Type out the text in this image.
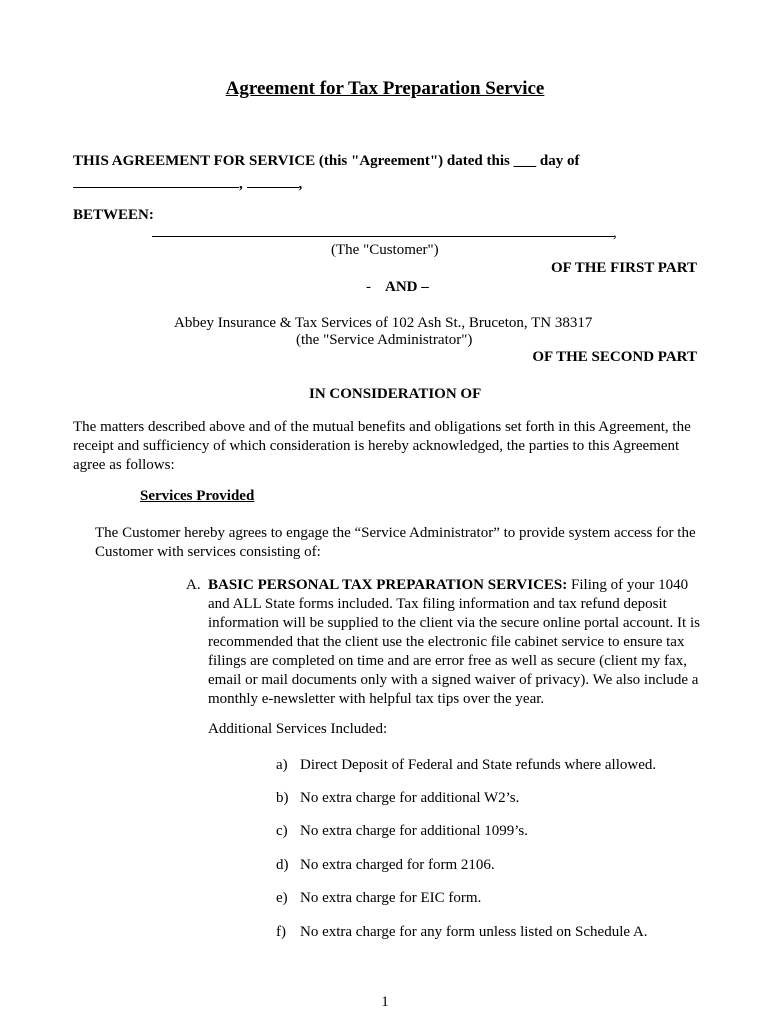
Agreement for Tax Preparation Service
THIS AGREEMENT FOR SERVICE (this "Agreement") dated this ___ day of
,	,
BETWEEN:
,
(The "Customer")
OF THE FIRST PART
- AND –
Abbey Insurance & Tax Services of 102 Ash St., Bruceton, TN 38317
(the "Service Administrator")
OF THE SECOND PART
IN CONSIDERATION OF
The matters described above and of the mutual benefits and obligations set forth in this Agreement, the receipt and sufficiency of which consideration is hereby acknowledged, the parties to this Agreement agree as follows:
Services Provided
The Customer hereby agrees to engage the “Service Administrator” to provide system access for the Customer with services consisting of:
A. BASIC PERSONAL TAX PREPARATION SERVICES: Filing of your 1040 and ALL State forms included. Tax filing information and tax refund deposit information will be supplied to the client via the secure online portal account. It is recommended that the client use the electronic file cabinet service to ensure tax filings are completed on time and are error free as well as secure (client my fax, email or mail documents only with a signed waiver of privacy). We also include a monthly e-newsletter with helpful tax tips over the year.
Additional Services Included:
a) Direct Deposit of Federal and State refunds where allowed.
b) No extra charge for additional W2’s.
c) No extra charge for additional 1099’s.
d) No extra charged for form 2106.
e) No extra charge for EIC form.
f) No extra charge for any form unless listed on Schedule A.
1
